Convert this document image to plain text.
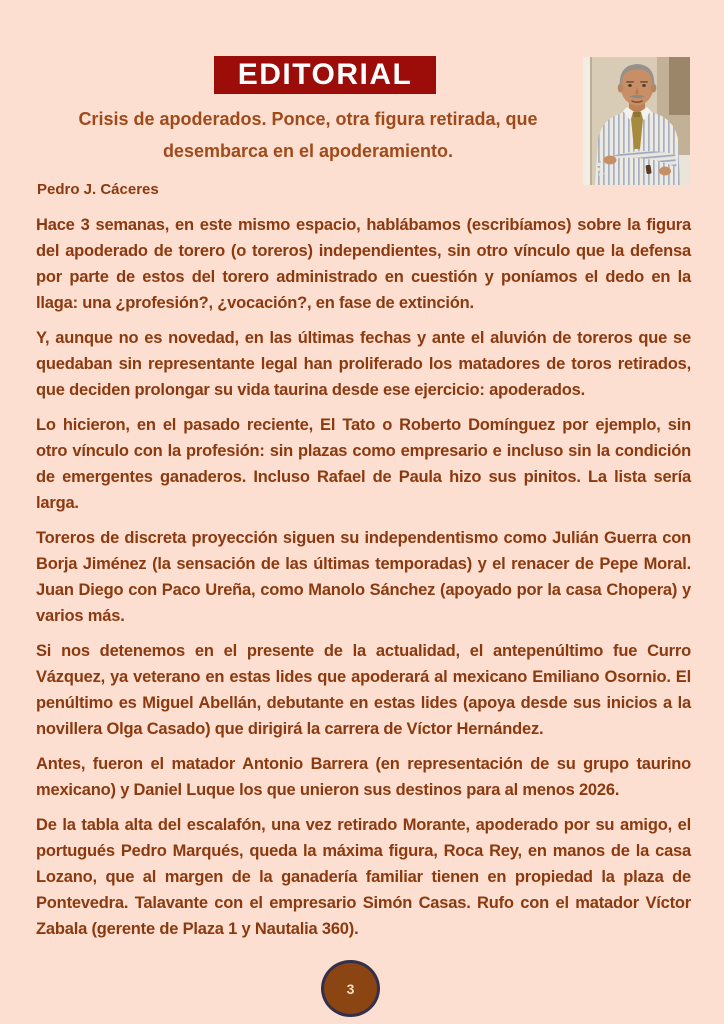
EDITORIAL
Crisis de apoderados. Ponce, otra figura retirada, que desembarca en el apoderamiento.
Pedro J. Cáceres

Hace 3 semanas, en este mismo espacio, hablábamos (escribíamos) sobre la figura del apoderado de torero (o toreros) independientes, sin otro vínculo que la defensa por parte de estos del torero administrado en cuestión y poníamos el dedo en la llaga: una ¿profesión?, ¿vocación?, en fase de extinción.

Y, aunque no es novedad, en las últimas fechas y ante el aluvión de toreros que se quedaban sin representante legal han proliferado los matadores de toros retirados, que deciden prolongar su vida taurina desde ese ejercicio: apoderados.

Lo hicieron, en el pasado reciente, El Tato o Roberto Domínguez por ejemplo, sin otro vínculo con la profesión: sin plazas como empresario e incluso sin la condición de emergentes ganaderos. Incluso Rafael de Paula hizo sus pinitos. La lista sería larga.

Toreros de discreta proyección siguen su independentismo como Julián Guerra con Borja Jiménez (la sensación de las últimas temporadas) y el renacer de Pepe Moral. Juan Diego con Paco Ureña, como Manolo Sánchez (apoyado por la casa Chopera) y varios más.

Si nos detenemos en el presente de la actualidad, el antepenúltimo fue Curro Vázquez, ya veterano en estas lides que apoderará al mexicano Emiliano Osornio. El penúltimo es Miguel Abellán, debutante en estas lides (apoya desde sus inicios a la novillera Olga Casado) que dirigirá la carrera de Víctor Hernández.

Antes, fueron el matador Antonio Barrera (en representación de su grupo taurino mexicano) y Daniel Luque los que unieron sus destinos para al menos 2026.

De la tabla alta del escalafón, una vez retirado Morante, apoderado por su amigo, el portugués Pedro Marqués, queda la máxima figura, Roca Rey, en manos de la casa Lozano, que al margen de la ganadería familiar tienen en propiedad la plaza de Pontevedra. Talavante con el empresario Simón Casas. Rufo con el matador Víctor Zabala (gerente de Plaza 1 y Nautalia 360).

3
